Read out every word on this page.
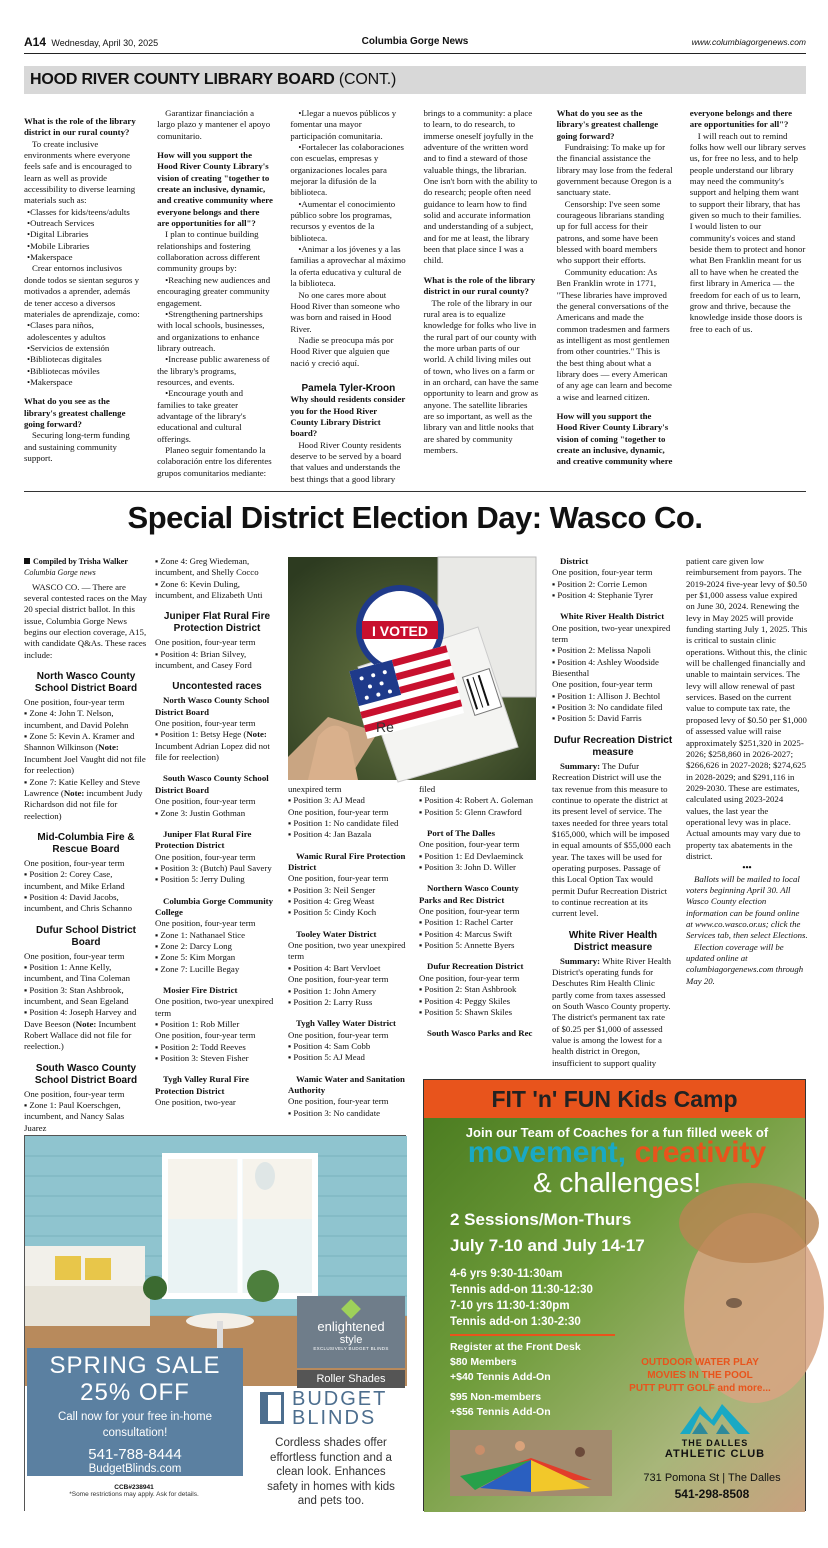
A14 Wednesday, April 30, 2025	Columbia Gorge News	www.columbiagorgenews.com
HOOD RIVER COUNTY LIBRARY BOARD (CONT.)

What is the role of the library district in our rural county?

To create inclusive environments where everyone feels safe and is encouraged to learn as well as provide accessibility to diverse learning materials such as:

•Classes for kids/teens/adults

•Outreach Services

•Digital Libraries

•Mobile Libraries

•Makerspace

Crear entornos inclusivos donde todos se sientan seguros y motivados a aprender, además de tener acceso a diversos materiales de aprendizaje, como:

•Clases para niños, adolescentes y adultos

•Servicios de extensión

•Bibliotecas digitales

•Bibliotecas móviles

•Makerspace

What do you see as the library's greatest challenge going forward?

Securing long-term funding and sustaining community support.

Garantizar financiación a largo plazo y mantener el apoyo comunitario.

How will you support the Hood River County Library's vision of creating "together to create an inclusive, dynamic, and creative community where everyone belongs and there are opportunities for all"?

I plan to continue building relationships and fostering collaboration across different community groups by:

•Reaching new audiences and encouraging greater community engagement.

•Strengthening partnerships with local schools, businesses, and organizations to enhance library outreach.

•Increase public awareness of the library's programs, resources, and events.

•Encourage youth and families to take greater advantage of the library's educational and cultural offerings.

Planeo seguir fomentando la colaboración entre los diferentes grupos comunitarios mediante:

•Llegar a nuevos públicos y fomentar una mayor participación comunitaria.

•Fortalecer las colaboraciones con escuelas, empresas y organizaciones locales para mejorar la difusión de la biblioteca.

•Aumentar el conocimiento público sobre los programas, recursos y eventos de la biblioteca.

•Animar a los jóvenes y a las familias a aprovechar al máximo la oferta educativa y cultural de la biblioteca.

No one cares more about Hood River than someone who was born and raised in Hood River.

Nadie se preocupa más por Hood River que alguien que nació y creció aquí.

Pamela Tyler-Kroon

Why should residents consider you for the Hood River County Library District board?

Hood River County residents deserve to be served by a board that values and understands the best things that a good library brings to a community: a place to learn, to do research, to immerse oneself joyfully in the adventure of the written word and to find a steward of those valuable things, the librarian. One isn't born with the ability to do research; people often need guidance to learn how to find solid and accurate information and understanding of a subject, and for me at least, the library been that place since I was a child.

What is the role of the library district in our rural county?

The role of the library in our rural area is to equalize knowledge for folks who live in the rural part of our county with the more urban parts of our world. A child living miles out of town, who lives on a farm or in an orchard, can have the same opportunity to learn and grow as anyone. The satellite libraries are so important, as well as the library van and little nooks that are shared by community members.

What do you see as the library's greatest challenge going forward?

Fundraising: To make up for the financial assistance the library may lose from the federal government because Oregon is a sanctuary state.

Censorship: I've seen some courageous librarians standing up for full access for their patrons, and some have been blessed with board members who support their efforts.

Community education: As Ben Franklin wrote in 1771, "These libraries have improved the general conversations of the Americans and made the common tradesmen and farmers as intelligent as most gentlemen from other countries." This is the best thing about what a library does — every American of any age can learn and become a wise and learned citizen.

How will you support the Hood River County Library's vision of coming "together to create an inclusive, dynamic, and creative community where everyone belongs and there are opportunities for all"?

I will reach out to remind folks how well our library serves us, for free no less, and to help people understand our library may need the community's support and helping them want to support their library, that has given so much to their families. I would listen to our community's voices and stand beside them to protect and honor what Ben Franklin meant for us all to have when he created the first library in America — the freedom for each of us to learn, grow and thrive, because the knowledge inside those doors is free to each of us.

Special District Election Day: Wasco Co.

Compiled by Trisha Walker
Columbia Gorge news

WASCO CO. — There are several contested races on the May 20 special district ballot. In this issue, Columbia Gorge News begins our election coverage, A15, with candidate Q&As. These races include:

North Wasco County School District Board

One position, four-year term

▪ Zone 4: John T. Nelson, incumbent, and David Polehn

▪ Zone 5: Kevin A. Kramer and Shannon Wilkinson (Note: Incumbent Joel Vaught did not file for reelection)

▪ Zone 7: Katie Kelley and Steve Lawrence (Note: incumbent Judy Richardson did not file for reelection)

Mid-Columbia Fire & Rescue Board

One position, four-year term

▪ Position 2: Corey Case, incumbent, and Mike Erland

▪ Position 4: David Jacobs, incumbent, and Chris Schanno

Dufur School District Board

One position, four-year term

▪ Position 1: Anne Kelly, incumbent, and Tina Coleman

▪ Position 3: Stan Ashbrook, incumbent, and Sean Egeland

▪ Position 4: Joseph Harvey and Dave Beeson (Note: Incumbent Robert Wallace did not file for reelection.)

South Wasco County School District Board

One position, four-year term

▪ Zone 1: Paul Koerschgen, incumbent, and Nancy Salas Juarez

▪ Zone 4: Greg Wiedeman, incumbent, and Shelly Cocco

▪ Zone 6: Kevin Duling, incumbent, and Elizabeth Unti

Juniper Flat Rural Fire Protection District

One position, four-year term

▪ Position 4: Brian Silvey, incumbent, and Casey Ford

Uncontested races

North Wasco County School District Board

One position, four-year term

▪ Position 1: Betsy Hege (Note: Incumbent Adrian Lopez did not file for reelection)

South Wasco County School District Board

One position, four-year term

▪ Zone 3: Justin Gothman

Juniper Flat Rural Fire Protection District

One position, four-year term

▪ Position 3: (Butch) Paul Savery

▪ Position 5: Jerry Duling

Columbia Gorge Community College

One position, four-year term

▪ Zone 1: Nathanael Stice

▪ Zone 2: Darcy Long

▪ Zone 5: Kim Morgan

▪ Zone 7: Lucille Begay

Mosier Fire District

One position, two-year unexpired term

▪ Position 1: Rob Miller

One position, four-year term

▪ Position 2: Todd Reeves

▪ Position 3: Steven Fisher

Tygh Valley Rural Fire Protection District

One position, two-year

unexpired term

▪ Position 3: AJ Mead

One position, four-year term

▪ Position 1: No candidate filed

▪ Position 4: Jan Bazala

Wamic Rural Fire Protection District

One position, four-year term

▪ Position 3: Neil Senger

▪ Position 4: Greg Weast

▪ Position 5: Cindy Koch

Tooley Water District

One position, two year unexpired term

▪ Position 4: Bart Vervloet

One position, four-year term

▪ Position 1: John Amery

▪ Position 2: Larry Russ

Tygh Valley Water District

One position, four-year term

▪ Position 4: Sam Cobb

▪ Position 5: AJ Mead

Wamic Water and Sanitation Authority

One position, four-year term

▪ Position 3: No candidate

filed

▪ Position 4: Robert A. Goleman

▪ Position 5: Glenn Crawford

Port of The Dalles

One position, four-year term

▪ Position 1: Ed Devlaeminck

▪ Position 3: John D. Willer

Northern Wasco County Parks and Rec District

One position, four-year term

▪ Position 1: Rachel Carter

▪ Position 4: Marcus Swift

▪ Position 5: Annette Byers

Dufur Recreation District

One position, four-year term

▪ Position 2: Stan Ashbrook

▪ Position 4: Peggy Skiles

▪ Position 5: Shawn Skiles

South Wasco Parks and Rec

District

One position, four-year term

▪ Position 2: Corrie Lemon

▪ Position 4: Stephanie Tyrer

White River Health District

One position, two-year unexpired term

▪ Position 2: Melissa Napoli

▪ Position 4: Ashley Woodside Biesenthal

One position, four-year term

▪ Position 1: Allison J. Bechtol

▪ Position 3: No candidate filed

▪ Position 5: David Farris

Dufur Recreation District measure

Summary: The Dufur Recreation District will use the tax revenue from this measure to continue to operate the district at its present level of service. The taxes needed for three years total $165,000, which will be imposed in equal amounts of $55,000 each year. The taxes will be used for operating purposes. Passage of this Local Option Tax would permit Dufur Recreation District to continue recreation at its current level.

White River Health District measure

Summary: White River Health District's operating funds for Deschutes Rim Health Clinic partly come from taxes assessed on South Wasco County property. The district's permanent tax rate of $0.25 per $1,000 of assessed value is among the lowest for a health district in Oregon, insufficient to support quality patient care given low reimbursement from payors. The 2019-2024 five-year levy of $0.50 per $1,000 assess value expired on June 30, 2024. Renewing the levy in May 2025 will provide funding starting July 1, 2025. This is critical to sustain clinic operations. Without this, the clinic will be challenged financially and unable to maintain services. The levy will allow renewal of past services. Based on the current value to compute tax rate, the proposed levy of $0.50 per $1,000 of assessed value will raise approximately $251,320 in 2025-2026; $258,860 in 2026-2027; $266,626 in 2027-2028; $274,625 in 2028-2029; and $291,116 in 2029-2030. These are estimates, calculated using 2023-2024 values, the last year the operational levy was in place. Actual amounts may vary due to property tax abatements in the district.

•••

Ballots will be mailed to local voters beginning April 30. All Wasco County election information can be found online at www.co.wasco.or.us; click the Services tab, then select Elections.

Election coverage will be updated online at columbiagorgenews.com through May 20.

I VOTED
Re
enlightened
style
EXCLUSIVELY BUDGET BLINDS
Roller Shades
SPRING SALE
25% OFF
Call now for your free in-home consultation!
541-788-8444
BudgetBlinds.com
CCB#238941
*Some restrictions may apply. Ask for details.
BUDGET
BLINDS
Cordless shades offer effortless function and a clean look. Enhances safety in homes with kids and pets too.
FIT 'n' FUN Kids Camp
Join our Team of Coaches for a fun filled week of
movement, creativity
& challenges!
2 Sessions/Mon-Thurs
July 7-10 and July 14-17
4-6 yrs 9:30-11:30am
Tennis add-on 11:30-12:30
7-10 yrs 11:30-1:30pm
Tennis add-on 1:30-2:30
Register at the Front Desk
$80 Members
+$40 Tennis Add-On
$95 Non-members
+$56 Tennis Add-On
OUTDOOR WATER PLAY
MOVIES IN THE POOL
PUTT PUTT GOLF and more...
THE DALLES
ATHLETIC CLUB
731 Pomona St | The Dalles
541-298-8508
